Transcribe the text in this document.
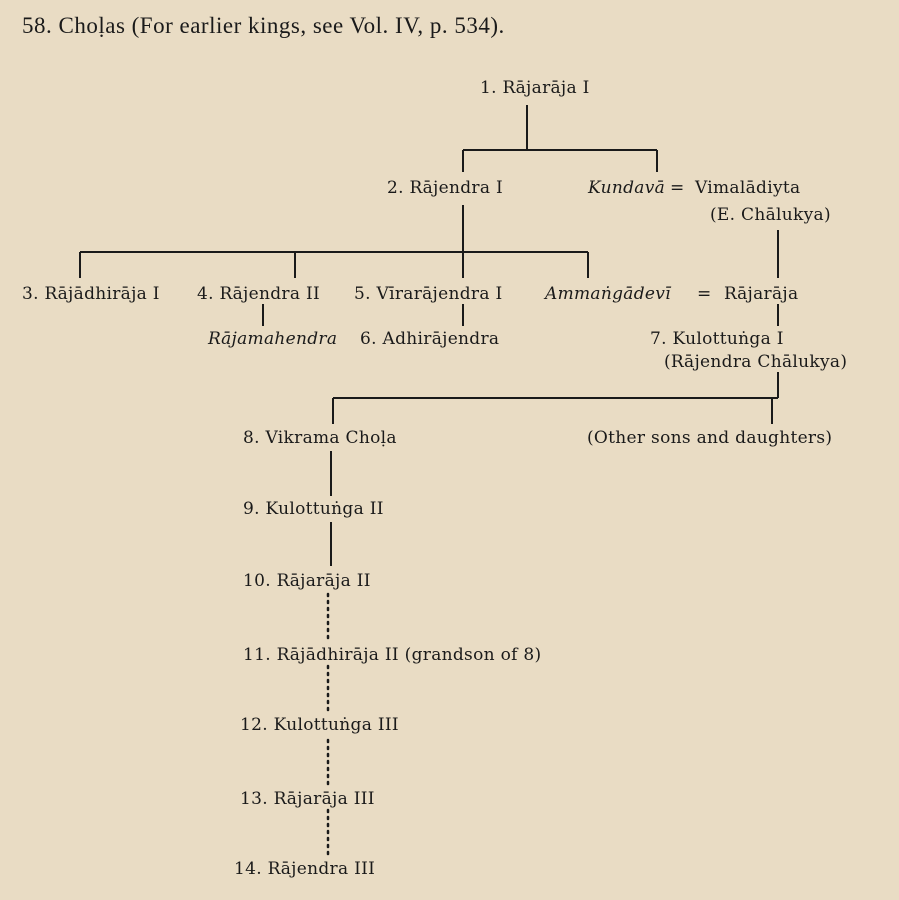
58. Choḷas (For earlier kings, see Vol. IV, p. 534).
1. Rājarāja I
2. Rājendra I	Kundavā = Vimalādiyta
(E. Chālukya)
3. Rājādhirāja I 4. Rājendra II 5. Vīrarājendra I Ammaṅgādevī = Rājarāja
Rājamahendra 6. Adhirājendra	7. Kulottuṅga I
(Rājendra Chālukya)
8. Vikrama Choḷa	(Other sons and daughters)
9. Kulottuṅga II
10. Rājarāja II
11. Rājādhirāja II (grandson of 8)
12. Kulottuṅga III
13. Rājarāja III
14. Rājendra III
